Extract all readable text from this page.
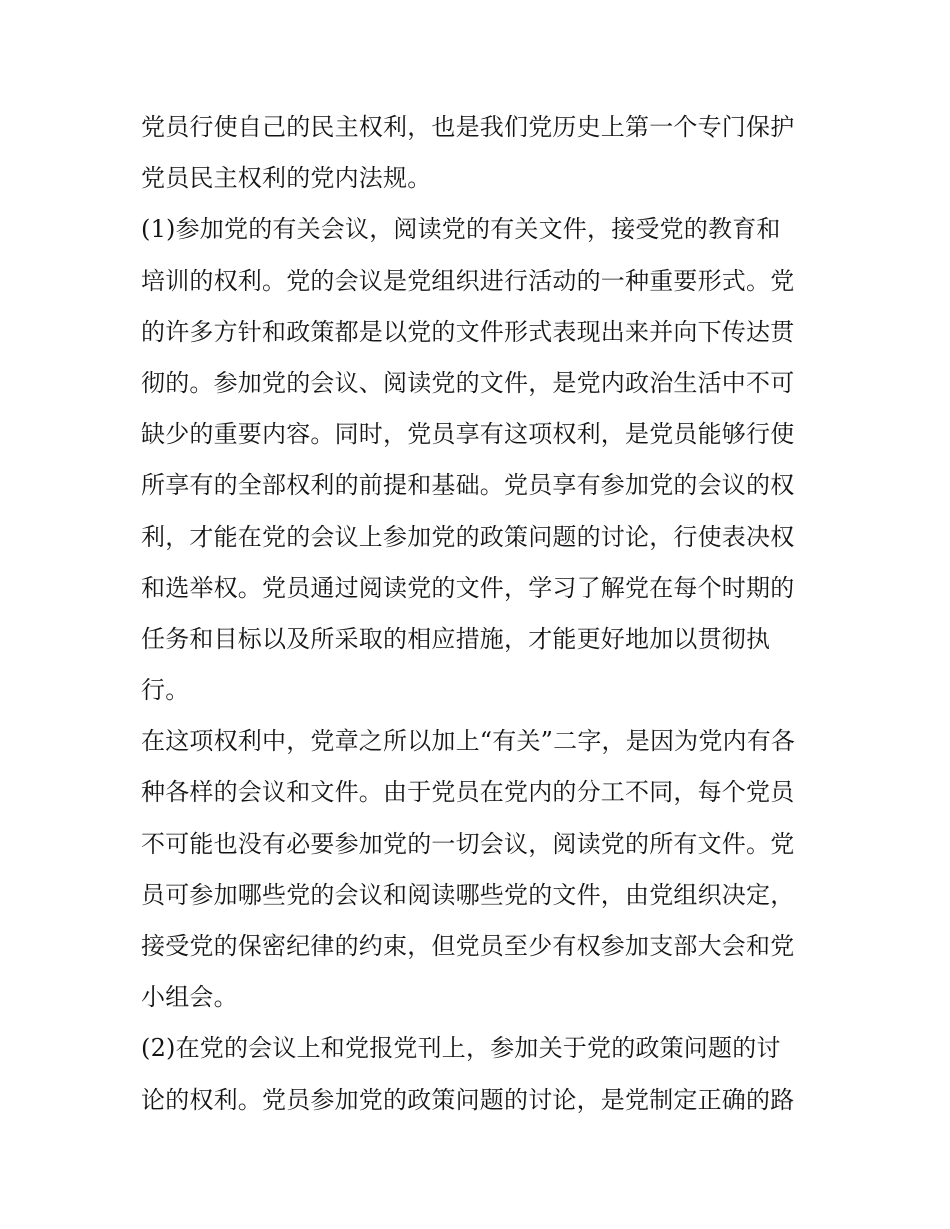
党员行使自己的民主权利，也是我们党历史上第一个专门保护

党员民主权利的党内法规。

(1)参加党的有关会议，阅读党的有关文件，接受党的教育和

培训的权利。党的会议是党组织进行活动的一种重要形式。党

的许多方针和政策都是以党的文件形式表现出来并向下传达贯

彻的。参加党的会议、阅读党的文件，是党内政治生活中不可

缺少的重要内容。同时，党员享有这项权利，是党员能够行使

所享有的全部权利的前提和基础。党员享有参加党的会议的权

利，才能在党的会议上参加党的政策问题的讨论，行使表决权

和选举权。党员通过阅读党的文件，学习了解党在每个时期的

任务和目标以及所采取的相应措施，才能更好地加以贯彻执

行。

在这项权利中，党章之所以加上“有关”二字，是因为党内有各

种各样的会议和文件。由于党员在党内的分工不同，每个党员

不可能也没有必要参加党的一切会议，阅读党的所有文件。党

员可参加哪些党的会议和阅读哪些党的文件，由党组织决定，

接受党的保密纪律的约束，但党员至少有权参加支部大会和党

小组会。

(2)在党的会议上和党报党刊上，参加关于党的政策问题的讨

论的权利。党员参加党的政策问题的讨论，是党制定正确的路
